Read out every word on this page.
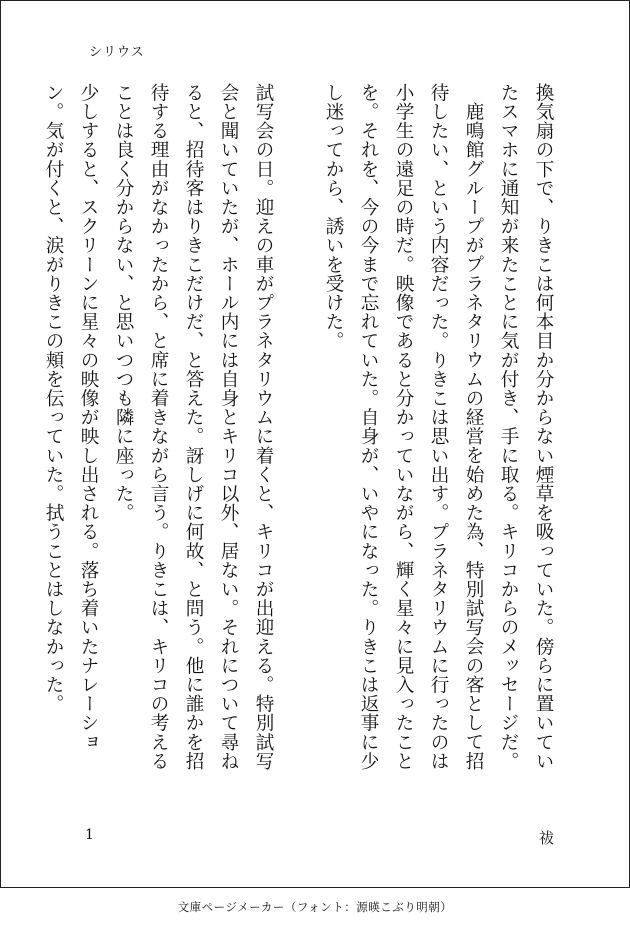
シリウス

換気扇の下で、りきこは何本目か分からない煙草を吸っていた。傍らに置いていたスマホに通知が来たことに気が付き、手に取る。キリコからのメッセージだ。

鹿鳴館グループがプラネタリウムの経営を始めた為、特別試写会の客として招待したい、という内容だった。りきこは思い出す。プラネタリウムに行ったのは小学生の遠足の時だ。映像であると分かっていながら、輝く星々に見入ったことを。それを、今の今まで忘れていた。自身が、いやになった。りきこは返事に少し迷ってから、誘いを受けた。

試写会の日。迎えの車がプラネタリウムに着くと、キリコが出迎える。特別試写会と聞いていたが、ホール内には自身とキリコ以外、居ない。それについて尋ねると、招待客はりきこだけだ、と答えた。訝しげに何故、と問う。他に誰かを招待する理由がなかったから、と席に着きながら言う。りきこは、キリコの考えることは良く分からない、と思いつつも隣に座った。

少しすると、スクリーンに星々の映像が映し出される。落ち着いたナレーション。気が付くと、涙がりきこの頬を伝っていた。拭うことはしなかった。

1	祓
文庫ページメーカー（フォント：源暎こぶり明朝）
